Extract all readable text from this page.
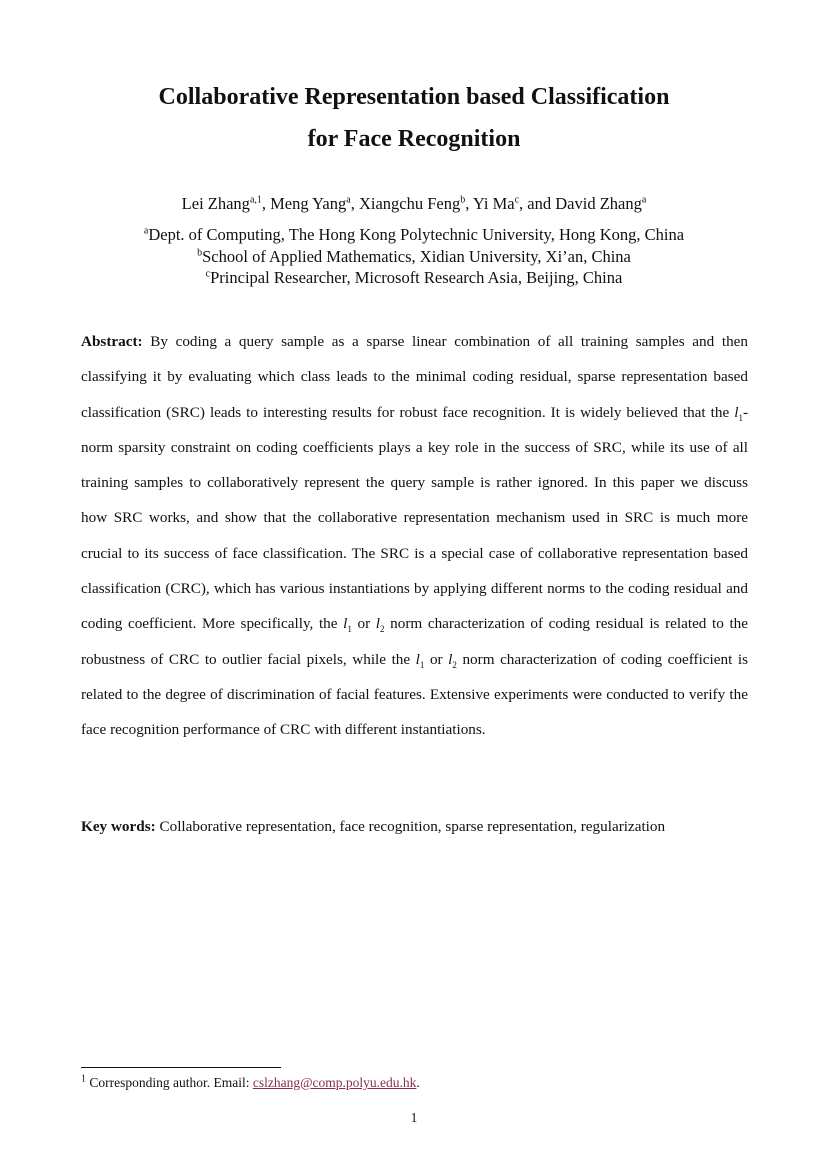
Collaborative Representation based Classification
for Face Recognition
Lei Zhang$^{a,1}$, Meng Yang$^a$, Xiangchu Feng$^b$, Yi Ma$^c$, and David Zhang$^a$
$^a$Dept. of Computing, The Hong Kong Polytechnic University, Hong Kong, China
$^b$School of Applied Mathematics, Xidian University, Xi’an, China
$^c$Principal Researcher, Microsoft Research Asia, Beijing, China
Abstract: By coding a query sample as a sparse linear combination of all training samples and then
classifying it by evaluating which class leads to the minimal coding residual, sparse representation based
classification (SRC) leads to interesting results for robust face recognition. It is widely believed that the $l_1-$
norm sparsity constraint on coding coefficients plays a key role in the success of SRC, while its use of all
training samples to collaboratively represent the query sample is rather ignored. In this paper we discuss
how SRC works, and show that the collaborative representation mechanism used in SRC is much more
crucial to its success of face classification. The SRC is a special case of collaborative representation based
classification (CRC), which has various instantiations by applying different norms to the coding residual and
coding coefficient. More specifically, the $l_1$ or $l_2$ norm characterization of coding residual is related to the
robustness of CRC to outlier facial pixels, while the $l_1$ or $l_2$ norm characterization of coding coefficient is
related to the degree of discrimination of facial features. Extensive experiments were conducted to verify the
face recognition performance of CRC with different instantiations.
Key words: Collaborative representation, face recognition, sparse representation, regularization
$^1$ Corresponding author. Email: cslzhang@comp.polyu.edu.hk.
1
